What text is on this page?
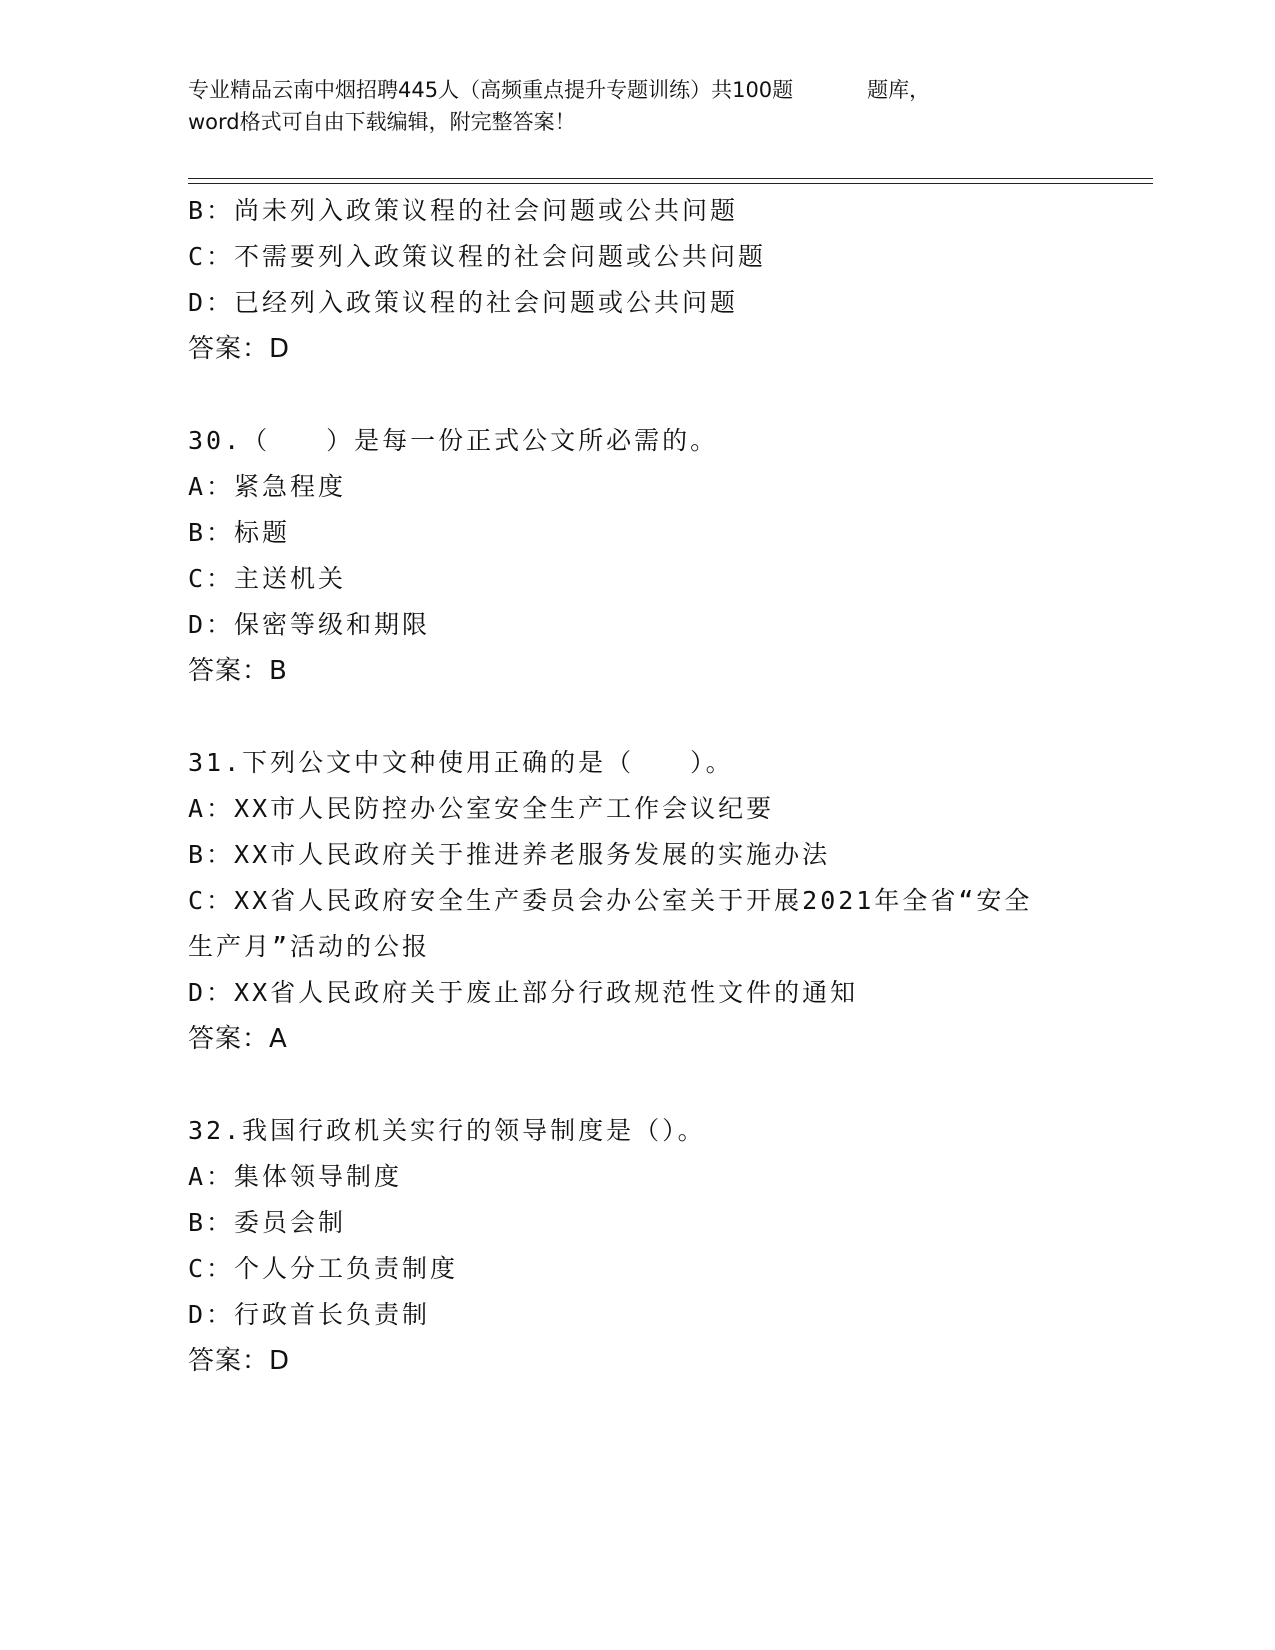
专业精品云南中烟招聘445人（高频重点提升专题训练）共100题	题库，
word格式可自由下载编辑，附完整答案！
B：尚未列入政策议程的社会问题或公共问题
C：不需要列入政策议程的社会问题或公共问题
D：已经列入政策议程的社会问题或公共问题
答案：D
30.（　　）是每一份正式公文所必需的。
A：紧急程度
B：标题
C：主送机关
D：保密等级和期限
答案：B
31.下列公文中文种使用正确的是（　　）。
A：XX市人民防控办公室安全生产工作会议纪要
B：XX市人民政府关于推进养老服务发展的实施办法
C：XX省人民政府安全生产委员会办公室关于开展2021年全省“安全
生产月”活动的公报
D：XX省人民政府关于废止部分行政规范性文件的通知
答案：A
32.我国行政机关实行的领导制度是（）。
A：集体领导制度
B：委员会制
C：个人分工负责制度
D：行政首长负责制
答案：D
